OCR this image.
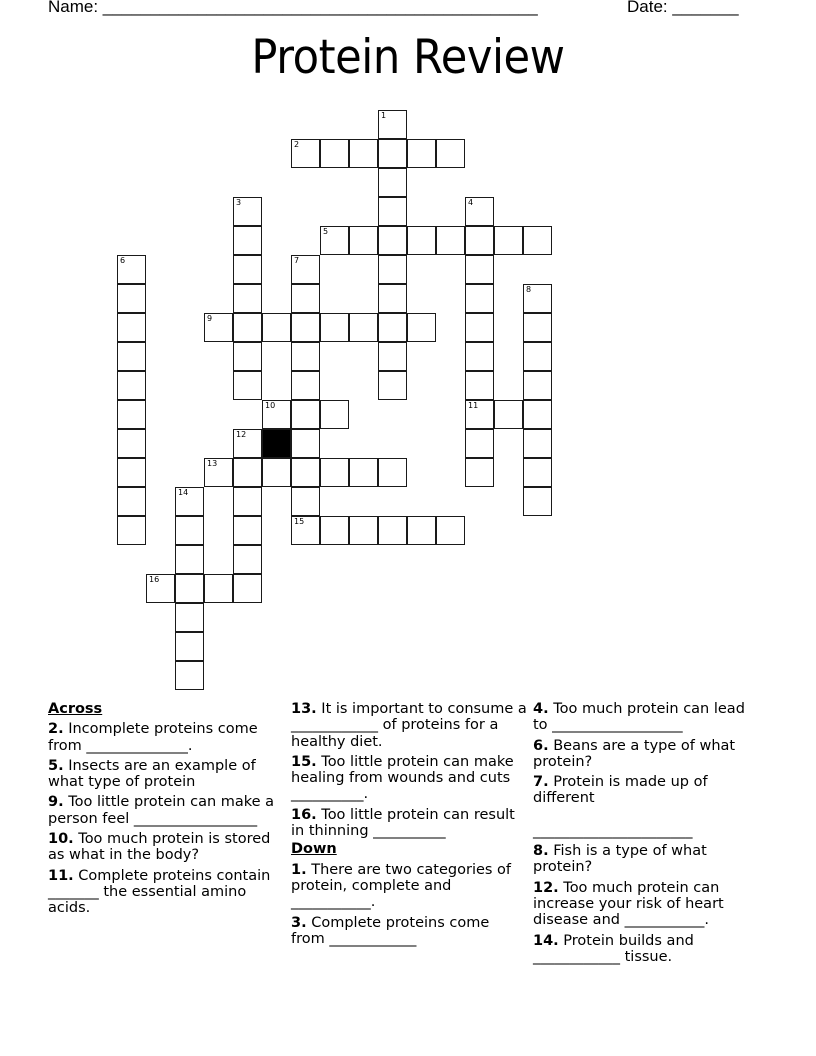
Name: ______________________________________________	Date: _______
Protein Review
1
2
3	4
5
6	7
8
9
10	11
12
13
14
15
16
Across
2. Incomplete proteins come from ______________.
5. Insects are an example of what type of protein
9. Too little protein can make a person feel _________________
10. Too much protein is stored as what in the body?
11. Complete proteins contain _______ the essential amino acids.
13. It is important to consume a ____________ of proteins for a healthy diet.
15. Too little protein can make healing from wounds and cuts __________.
16. Too little protein can result in thinning __________
Down
1. There are two categories of protein, complete and ___________.
3. Complete proteins come from ____________
4. Too much protein can lead to __________________
6. Beans are a type of what protein?
7. Protein is made up of different
______________________
8. Fish is a type of what protein?
12. Too much protein can increase your risk of heart disease and ___________.
14. Protein builds and ____________ tissue.
